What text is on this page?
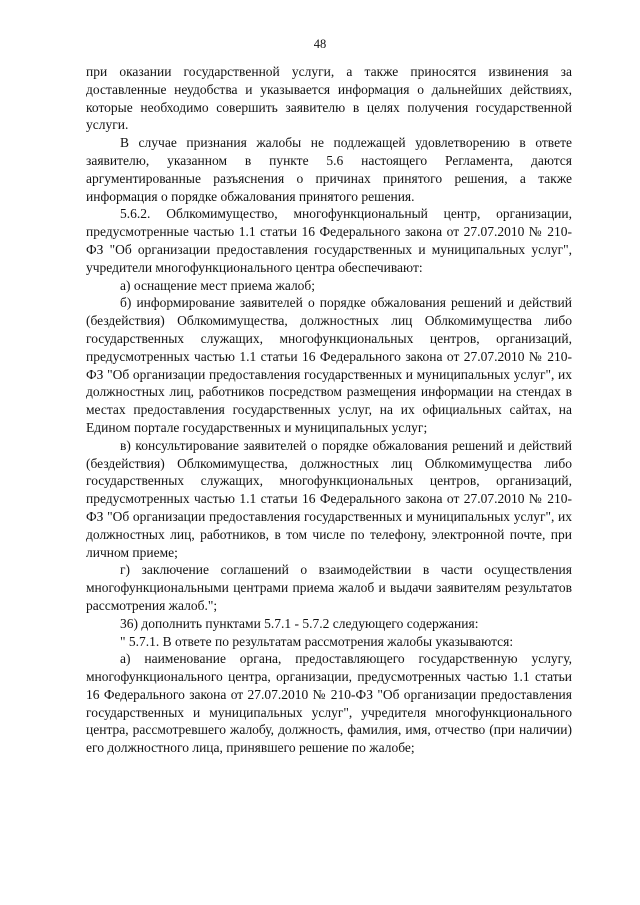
48

при оказании государственной услуги, а также приносятся извинения за доставленные неудобства и указывается информация о дальнейших действиях, которые необходимо совершить заявителю в целях получения государственной услуги.

В случае признания жалобы не подлежащей удовлетворению в ответе заявителю, указанном в пункте 5.6 настоящего Регламента, даются аргументированные разъяснения о причинах принятого решения, а также информация о порядке обжалования принятого решения.

5.6.2. Облкомимущество, многофункциональный центр, организации, предусмотренные частью 1.1 статьи 16 Федерального закона от 27.07.2010 № 210-ФЗ "Об организации предоставления государственных и муниципальных услуг", учредители многофункционального центра обеспечивают:

а) оснащение мест приема жалоб;

б) информирование заявителей о порядке обжалования решений и действий (бездействия) Облкомимущества, должностных лиц Облкомимущества либо государственных служащих, многофункциональных центров, организаций, предусмотренных частью 1.1 статьи 16 Федерального закона от 27.07.2010 № 210-ФЗ "Об организации предоставления государственных и муниципальных услуг", их должностных лиц, работников посредством размещения информации на стендах в местах предоставления государственных услуг, на их официальных сайтах, на Едином портале государственных и муниципальных услуг;

в) консультирование заявителей о порядке обжалования решений и действий (бездействия) Облкомимущества, должностных лиц Облкомимущества либо государственных служащих, многофункциональных центров, организаций, предусмотренных частью 1.1 статьи 16 Федерального закона от 27.07.2010 № 210-ФЗ "Об организации предоставления государственных и муниципальных услуг", их должностных лиц, работников, в том числе по телефону, электронной почте, при личном приеме;

г) заключение соглашений о взаимодействии в части осуществления многофункциональными центрами приема жалоб и выдачи заявителям результатов рассмотрения жалоб.";

36) дополнить пунктами 5.7.1 - 5.7.2 следующего содержания:

" 5.7.1. В ответе по результатам рассмотрения жалобы указываются:

а) наименование органа, предоставляющего государственную услугу, многофункционального центра, организации, предусмотренных частью 1.1 статьи 16 Федерального закона от 27.07.2010 № 210-ФЗ "Об организации предоставления государственных и муниципальных услуг", учредителя многофункционального центра, рассмотревшего жалобу, должность, фамилия, имя, отчество (при наличии) его должностного лица, принявшего решение по жалобе;
